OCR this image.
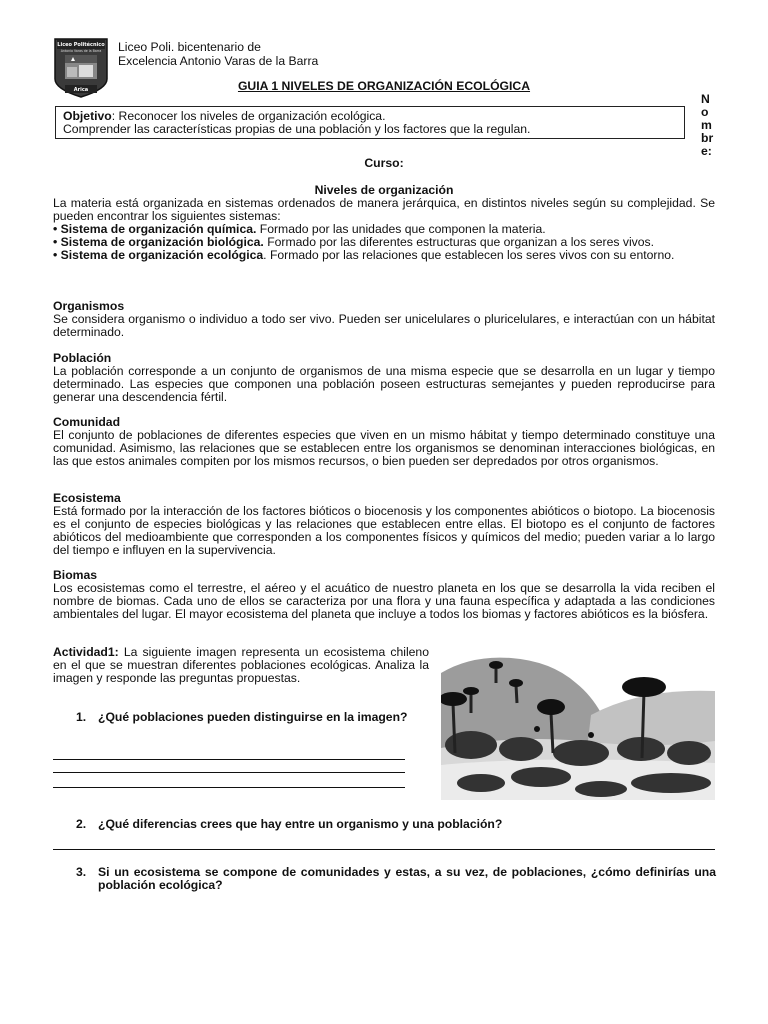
Liceo Politécnico
Antonio Varas de la Barra
Arica
Liceo Poli. bicentenario de
Excelencia Antonio Varas de la Barra
GUIA 1 NIVELES DE ORGANIZACIÓN ECOLÓGICA
Objetivo: Reconocer los niveles de organización ecológica.
Comprender las características propias de una población y los factores que la regulan.
N
o
m
br
e:
Curso:
Niveles de organización

La materia está organizada en sistemas ordenados de manera jerárquica, en distintos niveles según su complejidad. Se pueden encontrar los siguientes sistemas:

• Sistema de organización química. Formado por las unidades que componen la materia.

• Sistema de organización biológica. Formado por las diferentes estructuras que organizan a los seres vivos.

• Sistema de organización ecológica. Formado por las relaciones que establecen los seres vivos con su entorno.

Organismos

Se considera organismo o individuo a todo ser vivo. Pueden ser unicelulares o pluricelulares, e interactúan con un hábitat determinado.

Población

La población corresponde a un conjunto de organismos de una misma especie que se desarrolla en un lugar y tiempo determinado. Las especies que componen una población poseen estructuras semejantes y pueden reproducirse para generar una descendencia fértil.

Comunidad

El conjunto de poblaciones de diferentes especies que viven en un mismo hábitat y tiempo determinado constituye una comunidad. Asimismo, las relaciones que se establecen entre los organismos se denominan interacciones biológicas, en las que estos animales compiten por los mismos recursos, o bien pueden ser depredados por otros organismos.

Ecosistema

Está formado por la interacción de los factores bióticos o biocenosis y los componentes abióticos o biotopo. La biocenosis es el conjunto de especies biológicas y las relaciones que establecen entre ellas. El biotopo es el conjunto de factores abióticos del medioambiente que corresponden a los componentes físicos y químicos del medio; pueden variar a lo largo del tiempo e influyen en la supervivencia.

Biomas

Los ecosistemas como el terrestre, el aéreo y el acuático de nuestro planeta en los que se desarrolla la vida reciben el nombre de biomas. Cada uno de ellos se caracteriza por una flora y una fauna específica y adaptada a las condiciones ambientales del lugar. El mayor ecosistema del planeta que incluye a todos los biomas y factores abióticos es la biósfera.

Actividad1: La siguiente imagen representa un ecosistema chileno en el que se muestran diferentes poblaciones ecológicas. Analiza la imagen y responde las preguntas propuestas.
1. ¿Qué poblaciones pueden distinguirse en la imagen?
2. ¿Qué diferencias crees que hay entre un organismo y una población?
3. Si un ecosistema se compone de comunidades y estas, a su vez, de poblaciones, ¿cómo definirías una población ecológica?
